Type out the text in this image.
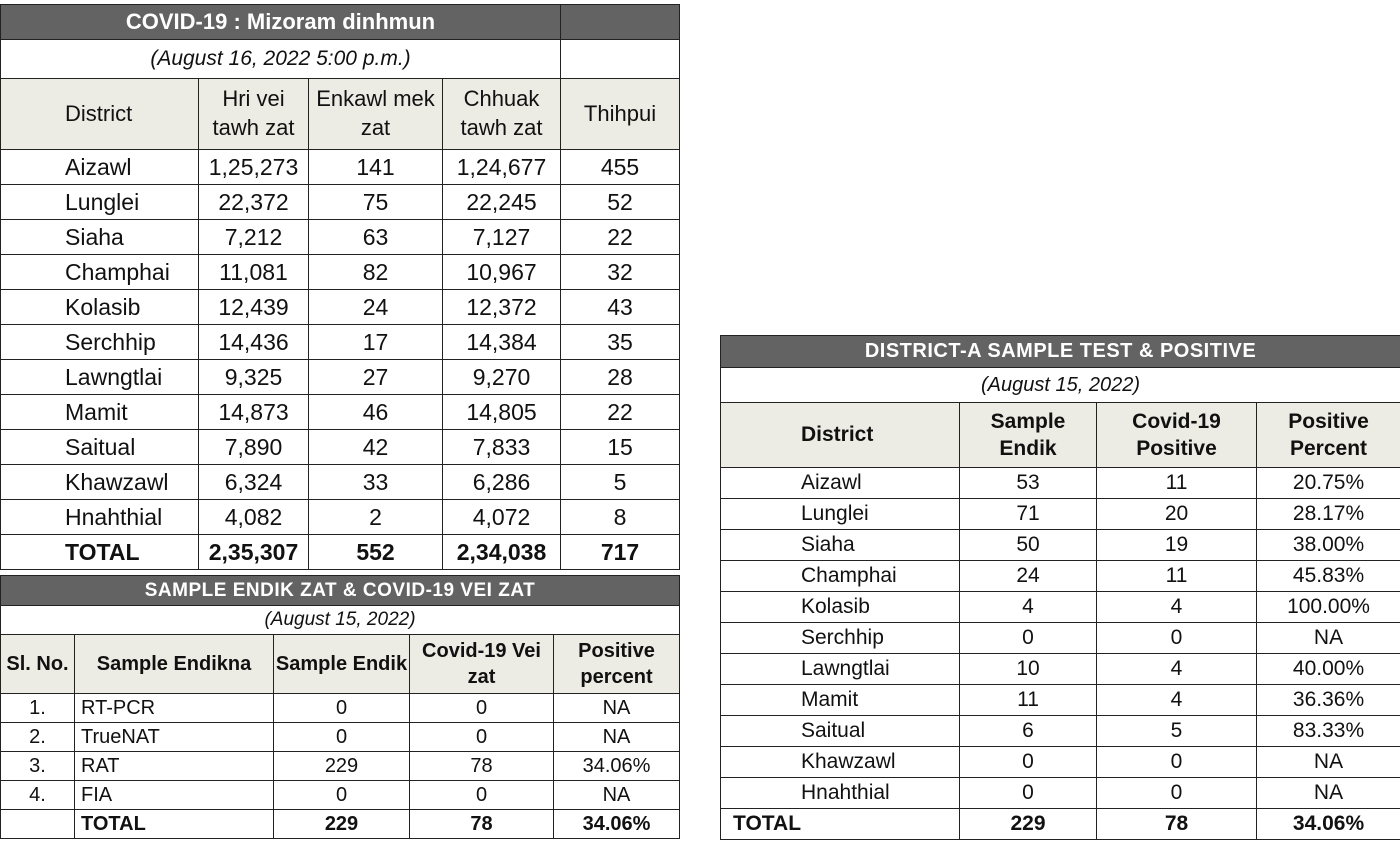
COVID-19 : Mizoram dinhmun				
(August 16, 2022 5:00 p.m.)				
District	Hri vei tawh zat	Enkawl mek zat	Chhuak tawh zat	Thihpui
Aizawl	1,25,273	141	1,24,677	455
Lunglei	22,372	75	22,245	52
Siaha	7,212	63	7,127	22
Champhai	11,081	82	10,967	32
Kolasib	12,439	24	12,372	43
Serchhip	14,436	17	14,384	35
Lawngtlai	9,325	27	9,270	28
Mamit	14,873	46	14,805	22
Saitual	7,890	42	7,833	15
Khawzawl	6,324	33	6,286	5
Hnahthial	4,082	2	4,072	8
TOTAL	2,35,307	552	2,34,038	717
SAMPLE ENDIK ZAT & COVID-19 VEI ZAT				
(August 15, 2022)				
Sl. No.	Sample Endikna	Sample Endik	Covid-19 Vei zat	Positive percent
1.	RT-PCR	0	0	NA
2.	TrueNAT	0	0	NA
3.	RAT	229	78	34.06%
4.	FIA	0	0	NA
	TOTAL	229	78	34.06%
DISTRICT-A SAMPLE TEST & POSITIVE			
(August 15, 2022)			
District	Sample Endik	Covid-19 Positive	Positive Percent
Aizawl	53	11	20.75%
Lunglei	71	20	28.17%
Siaha	50	19	38.00%
Champhai	24	11	45.83%
Kolasib	4	4	100.00%
Serchhip	0	0	NA
Lawngtlai	10	4	40.00%
Mamit	11	4	36.36%
Saitual	6	5	83.33%
Khawzawl	0	0	NA
Hnahthial	0	0	NA
TOTAL	229	78	34.06%
